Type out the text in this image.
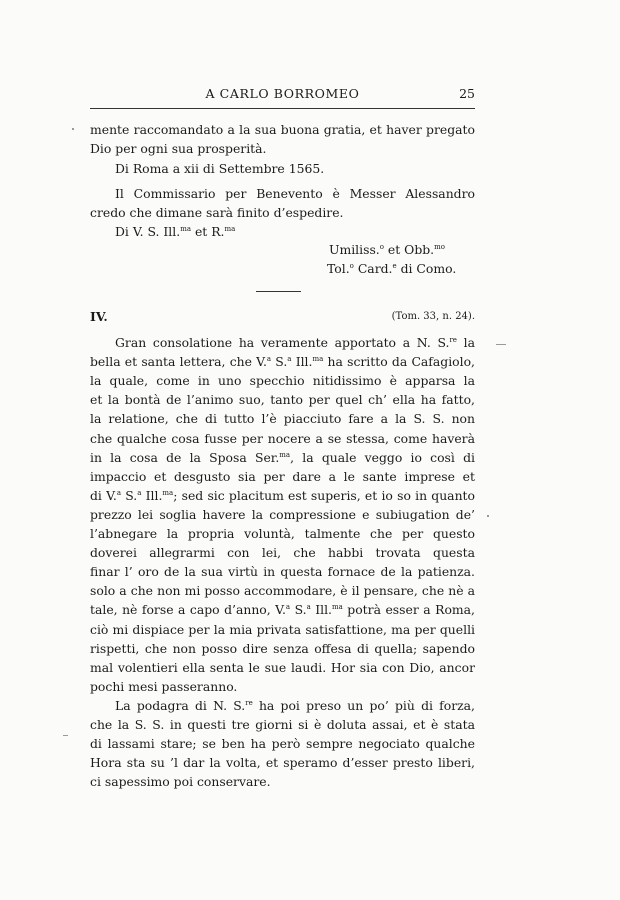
A CARLO BORROMEO	25
mente raccomandato a la sua buona gratia, et haver pregato
Dio per ogni sua prosperità.
Di Roma a xii di Settembre 1565.
Il Commissario per Benevento è Messer Alessandro
credo che dimane sarà finito d’espedire.
Di V. S. Ill.$^{ma}$ et R.$^{ma}$
Umiliss.$^o$ et Obb.$^{mo}$
Tol.$^o$ Card.$^e$ di Como.
IV.	(Tom. 33, n. 24).
Gran consolatione ha veramente apportato a N. S.$^{re}$ la
bella et santa lettera, che V.$^a$ S.$^a$ Ill.$^{ma}$ ha scritto da Cafagiolo,
la quale, come in uno specchio nitidissimo è apparsa la
et la bontà de l’animo suo, tanto per quel ch’ ella ha fatto,
la relatione, che di tutto l’è piacciuto fare a la S. S. non
che qualche cosa fusse per nocere a se stessa, come haverà
in la cosa de la Sposa Ser.$^{ma}$, la quale veggo io così di
impaccio et desgusto sia per dare a le sante imprese et
di V.$^a$ S.$^a$ Ill.$^{ma}$; sed sic placitum est superis, et io so in quanto
prezzo lei soglia havere la compressione e subiugation de’
l’abnegare la propria voluntà, talmente che per questo
doverei allegrarmi con lei, che habbi trovata questa
finar l’ oro de la sua virtù in questa fornace de la patienza.
solo a che non mi posso accommodare, è il pensare, che nè a
tale, nè forse a capo d’anno, V.$^a$ S.$^a$ Ill.$^{ma}$ potrà esser a Roma,
ciò mi dispiace per la mia privata satisfattione, ma per quelli
rispetti, che non posso dire senza offesa di quella; sapendo
mal volentieri ella senta le sue laudi. Hor sia con Dio, ancor
pochi mesi passeranno.
La podagra di N. S.$^{re}$ ha poi preso un po’ più di forza,
che la S. S. in questi tre giorni si è doluta assai, et è stata
di lassami stare; se ben ha però sempre negociato qualche
Hora sta su ’l dar la volta, et speramo d’esser presto liberi,
ci sapessimo poi conservare.
